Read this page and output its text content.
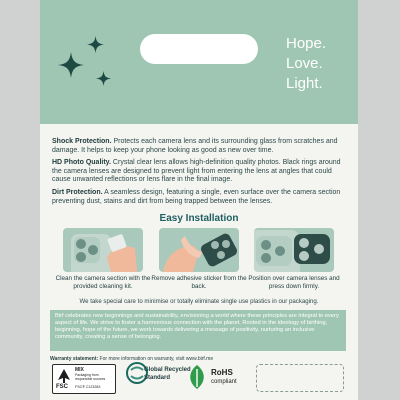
Hope.
Love.
Light.

Shock Protection. Protects each camera lens and its surrounding glass from scratches and damage. It helps to keep your phone looking as good as new over time.

HD Photo Quality. Crystal clear lens allows high-definition quality photos. Black rings around the camera lenses are designed to prevent light from entering the lens at angles that could cause unwanted reflections or lens flare in the final image.

Dirt Protection. A seamless design, featuring a single, even surface over the camera section preventing dust, stains and dirt from being trapped between the lenses.

Easy Installation
Clean the camera section with the provided cleaning kit.
Remove adhesive sticker from the back.
Position over camera lenses and press down firmly.
We take special care to minimise or totally eliminate single use plastics in our packaging.
Birf celebrates new beginnings and sustainability, envisioning a world where these principles are integral to every aspect of life. We strive to foster a harmonious connection with the planet. Rooted in the ideology of birthing, beginning, hope of the future, we work towards delivering a message of positivity, nurturing an inclusive community, creating a sense of belonging.
Warranty statement: For more information on warranty, visit www.birf.me
FSC
MIX
Packaging from responsible sources
FSC® C123283
Global Recycled
Standard
RoHS
compliant
